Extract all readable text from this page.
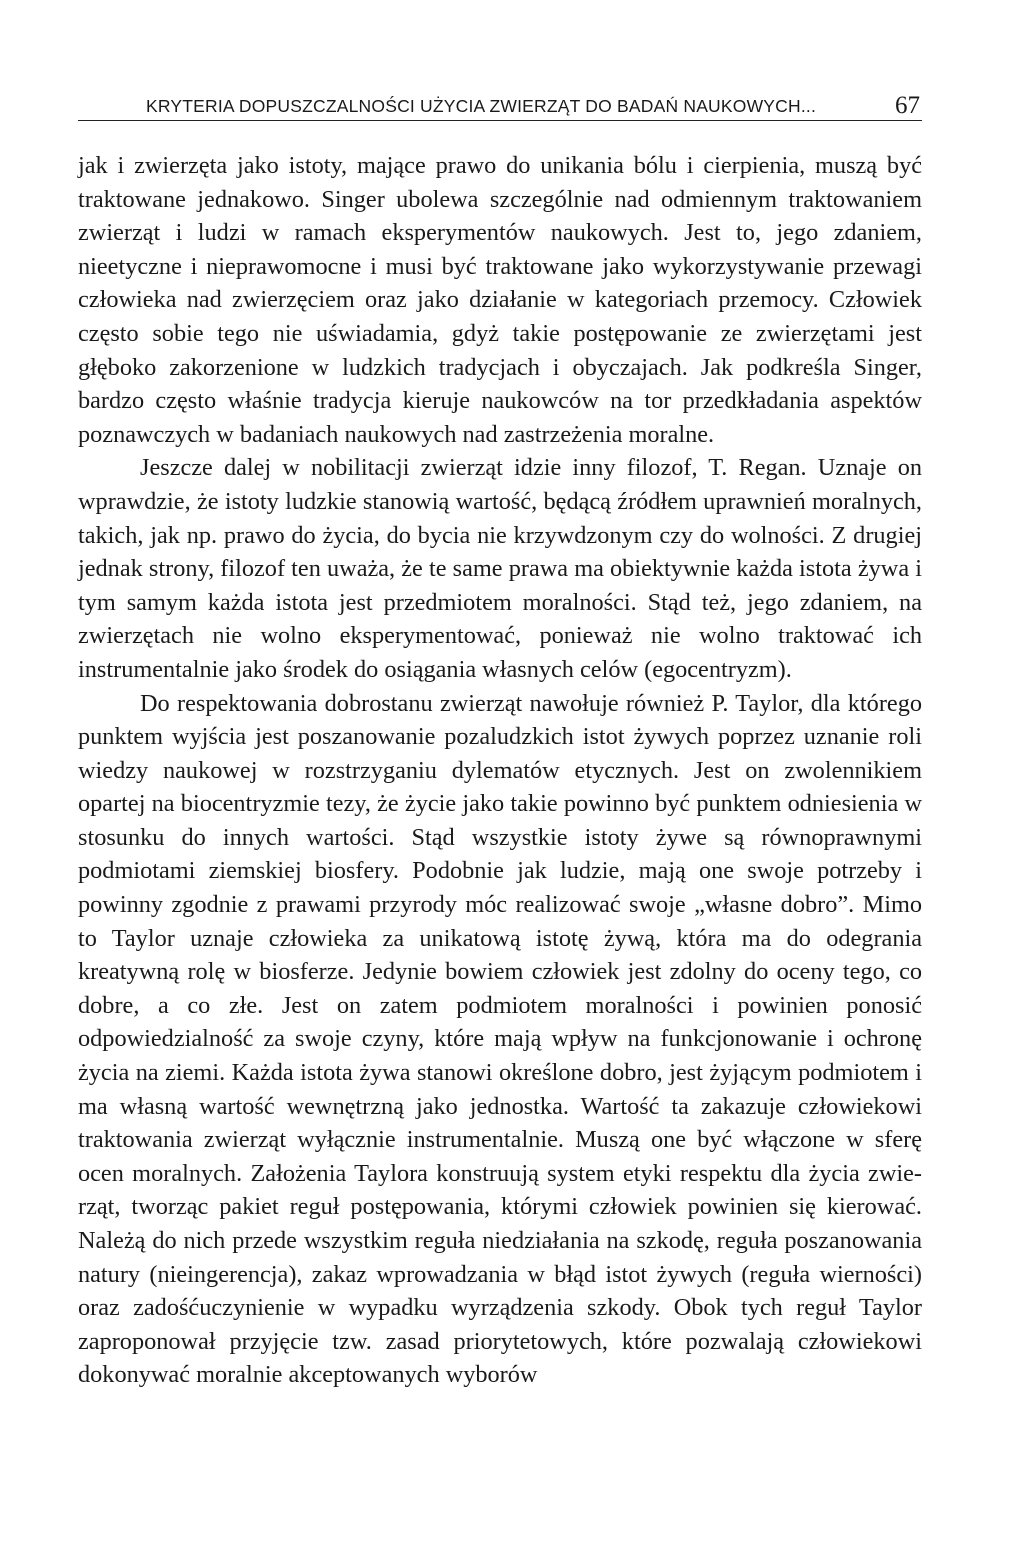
KRYTERIA DOPUSZCZALNOŚCI UŻYCIA ZWIERZĄT DO BADAŃ NAUKOWYCH...	67

jak i zwierzęta jako istoty, mające prawo do unikania bólu i cierpienia, muszą być traktowane jednakowo. Singer ubolewa szczególnie nad odmiennym traktowaniem zwierząt i ludzi w ramach eksperymentów naukowych. Jest to, jego zdaniem, nieetyczne i nieprawomocne i musi być traktowane jako wykorzystywanie przewagi człowieka nad zwierzęciem oraz jako działanie w kategoriach przemocy. Człowiek często sobie tego nie uświadamia, gdyż takie postępowanie ze zwierzętami jest głęboko zakorzenione w ludzkich tradycjach i obyczajach. Jak podkreśla Singer, bardzo często właśnie tradycja kieruje naukowców na tor przedkładania aspektów poznawczych w badaniach naukowych nad zastrzeżenia moralne.

Jeszcze dalej w nobilitacji zwierząt idzie inny filozof, T. Regan. Uznaje on wprawdzie, że istoty ludzkie stanowią wartość, będącą źródłem uprawnień moralnych, takich, jak np. prawo do życia, do bycia nie krzywdzonym czy do wolności. Z drugiej jednak strony, filozof ten uważa, że te same prawa ma obiektywnie każda istota żywa i tym samym każda istota jest przedmiotem moralności. Stąd też, jego zdaniem, na zwierzętach nie wolno eksperymentować, ponieważ nie wolno traktować ich instrumentalnie jako środek do osiągania własnych celów (egocentryzm).

Do respektowania dobrostanu zwierząt nawołuje również P. Taylor, dla którego punktem wyjścia jest poszanowanie pozaludzkich istot żywych poprzez uznanie roli wiedzy naukowej w rozstrzyganiu dylematów etycznych. Jest on zwolennikiem opartej na biocentryzmie tezy, że życie jako takie powinno być punktem odniesienia w stosunku do innych wartości. Stąd wszystkie istoty żywe są równoprawnymi podmiotami ziemskiej biosfery. Podobnie jak ludzie, mają one swoje potrzeby i powinny zgodnie z prawami przyrody móc realizować swoje „własne dobro”. Mimo to Taylor uznaje człowieka za unikatową istotę żywą, która ma do odegrania kreatywną rolę w biosferze. Jedynie bowiem człowiek jest zdolny do oceny tego, co dobre, a co złe. Jest on zatem podmiotem moralności i powinien ponosić odpowiedzialność za swoje czyny, które mają wpływ na funkcjonowanie i ochronę życia na ziemi. Każda istota żywa stanowi określone dobro, jest żyjącym podmiotem i ma własną wartość wewnętrzną jako jednostka. Wartość ta zakazuje człowiekowi traktowania zwierząt wyłącznie instrumentalnie. Muszą one być włączone w sferę ocen moralnych. Założenia Taylora konstruują system etyki respektu dla życia zwierząt, tworząc pakiet reguł postępowania, którymi człowiek powinien się kierować. Należą do nich przede wszystkim reguła niedziałania na szkodę, reguła poszanowania natury (nieingerencja), zakaz wprowadzania w błąd istot żywych (reguła wierności) oraz zadośćuczynienie w wypadku wyrządzenia szkody. Obok tych reguł Taylor zaproponował przyjęcie tzw. zasad priorytetowych, które pozwalają człowiekowi dokonywać moralnie akceptowanych wyborów
